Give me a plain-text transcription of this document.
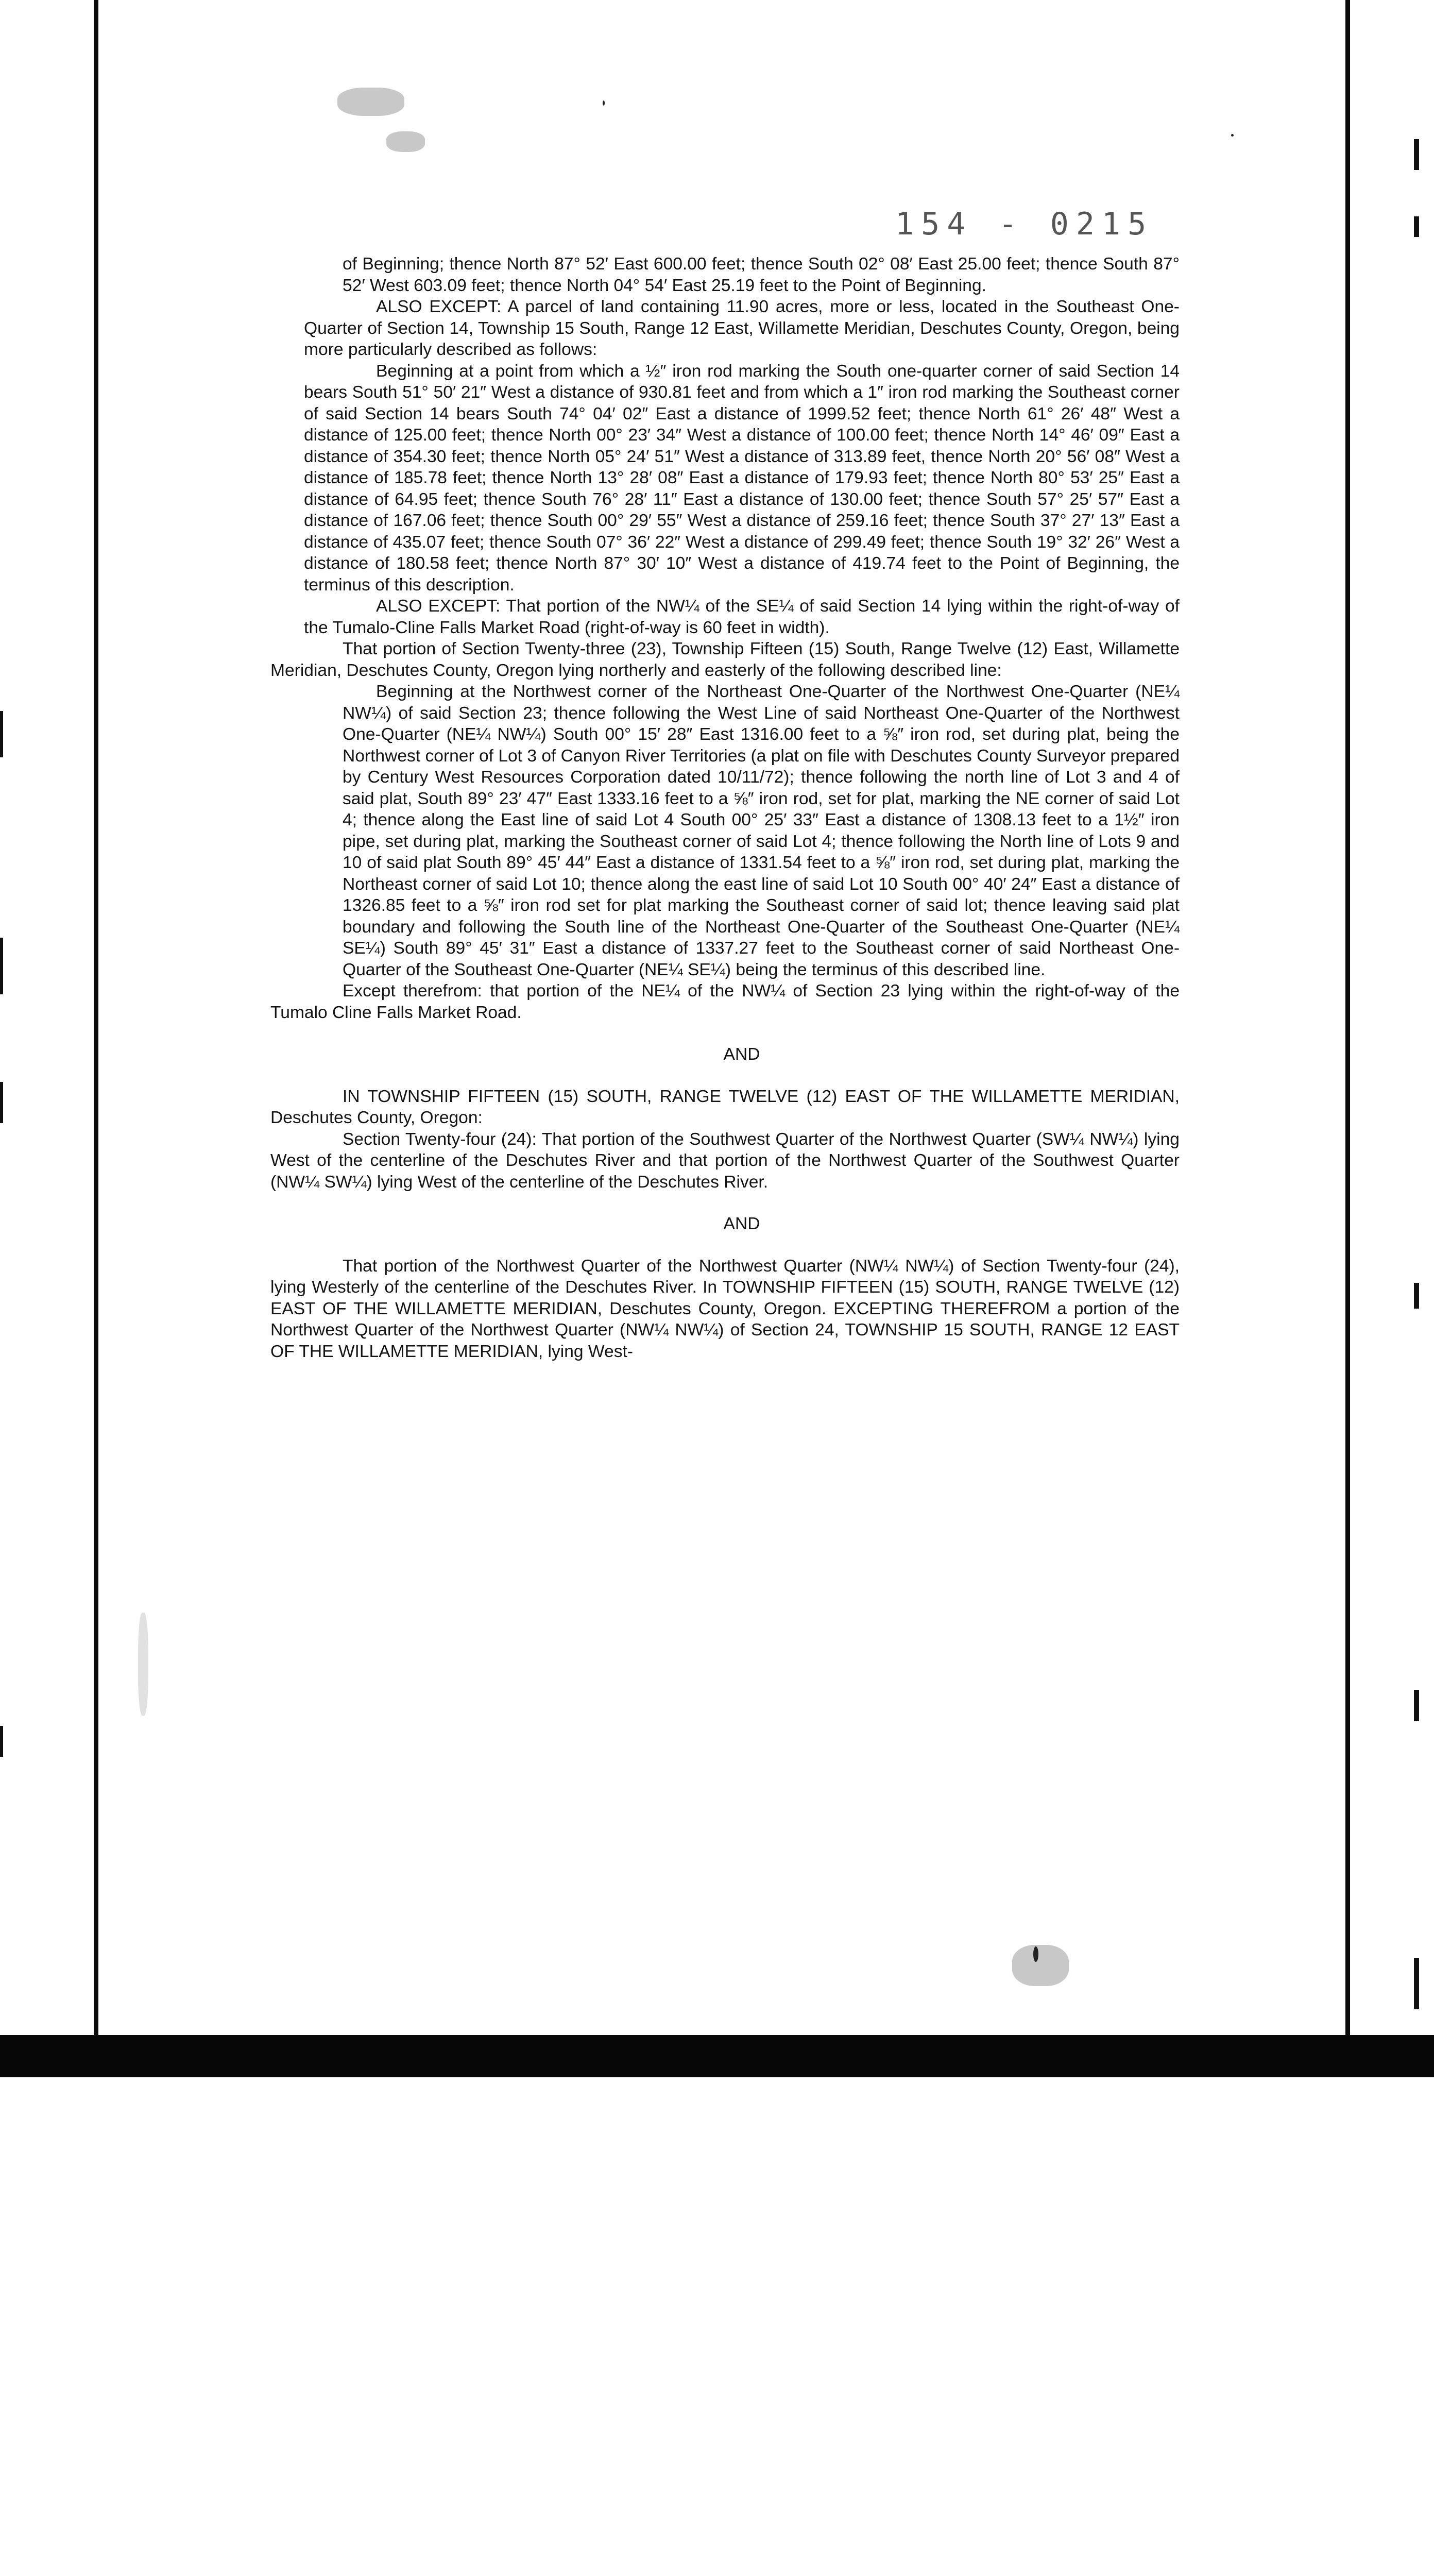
154 - 0215

of Beginning; thence North 87° 52′ East 600.00 feet; thence South 02° 08′ East 25.00 feet; thence South 87° 52′ West 603.09 feet; thence North 04° 54′ East 25.19 feet to the Point of Beginning.

ALSO EXCEPT: A parcel of land containing 11.90 acres, more or less, located in the Southeast One-Quarter of Section 14, Township 15 South, Range 12 East, Willamette Meridian, Deschutes County, Oregon, being more particularly described as follows:

Beginning at a point from which a ½″ iron rod marking the South one-quarter corner of said Section 14 bears South 51° 50′ 21″ West a distance of 930.81 feet and from which a 1″ iron rod marking the Southeast corner of said Section 14 bears South 74° 04′ 02″ East a distance of 1999.52 feet; thence North 61° 26′ 48″ West a distance of 125.00 feet; thence North 00° 23′ 34″ West a distance of 100.00 feet; thence North 14° 46′ 09″ East a distance of 354.30 feet; thence North 05° 24′ 51″ West a distance of 313.89 feet, thence North 20° 56′ 08″ West a distance of 185.78 feet; thence North 13° 28′ 08″ East a distance of 179.93 feet; thence North 80° 53′ 25″ East a distance of 64.95 feet; thence South 76° 28′ 11″ East a distance of 130.00 feet; thence South 57° 25′ 57″ East a distance of 167.06 feet; thence South 00° 29′ 55″ West a distance of 259.16 feet; thence South 37° 27′ 13″ East a distance of 435.07 feet; thence South 07° 36′ 22″ West a distance of 299.49 feet; thence South 19° 32′ 26″ West a distance of 180.58 feet; thence North 87° 30′ 10″ West a distance of 419.74 feet to the Point of Beginning, the terminus of this description.

ALSO EXCEPT: That portion of the NW¼ of the SE¼ of said Section 14 lying within the right-of-way of the Tumalo-Cline Falls Market Road (right-of-way is 60 feet in width).

That portion of Section Twenty-three (23), Township Fifteen (15) South, Range Twelve (12) East, Willamette Meridian, Deschutes County, Oregon lying northerly and easterly of the following described line:

Beginning at the Northwest corner of the Northeast One-Quarter of the Northwest One-Quarter (NE¼ NW¼) of said Section 23; thence following the West Line of said Northeast One-Quarter of the Northwest One-Quarter (NE¼ NW¼) South 00° 15′ 28″ East 1316.00 feet to a ⅝″ iron rod, set during plat, being the Northwest corner of Lot 3 of Canyon River Territories (a plat on file with Deschutes County Surveyor prepared by Century West Resources Corporation dated 10/11/72); thence following the north line of Lot 3 and 4 of said plat, South 89° 23′ 47″ East 1333.16 feet to a ⅝″ iron rod, set for plat, marking the NE corner of said Lot 4; thence along the East line of said Lot 4 South 00° 25′ 33″ East a distance of 1308.13 feet to a 1½″ iron pipe, set during plat, marking the Southeast corner of said Lot 4; thence following the North line of Lots 9 and 10 of said plat South 89° 45′ 44″ East a distance of 1331.54 feet to a ⅝″ iron rod, set during plat, marking the Northeast corner of said Lot 10; thence along the east line of said Lot 10 South 00° 40′ 24″ East a distance of 1326.85 feet to a ⅝″ iron rod set for plat marking the Southeast corner of said lot; thence leaving said plat boundary and following the South line of the Northeast One-Quarter of the Southeast One-Quarter (NE¼ SE¼) South 89° 45′ 31″ East a distance of 1337.27 feet to the Southeast corner of said Northeast One-Quarter of the Southeast One-Quarter (NE¼ SE¼) being the terminus of this described line.

Except therefrom: that portion of the NE¼ of the NW¼ of Section 23 lying within the right-of-way of the Tumalo Cline Falls Market Road.

AND

IN TOWNSHIP FIFTEEN (15) SOUTH, RANGE TWELVE (12) EAST OF THE WILLAMETTE MERIDIAN, Deschutes County, Oregon:

Section Twenty-four (24): That portion of the Southwest Quarter of the Northwest Quarter (SW¼ NW¼) lying West of the centerline of the Deschutes River and that portion of the Northwest Quarter of the Southwest Quarter (NW¼ SW¼) lying West of the centerline of the Deschutes River.

AND

That portion of the Northwest Quarter of the Northwest Quarter (NW¼ NW¼) of Section Twenty-four (24), lying Westerly of the centerline of the Deschutes River. In TOWNSHIP FIFTEEN (15) SOUTH, RANGE TWELVE (12) EAST OF THE WILLAMETTE MERIDIAN, Deschutes County, Oregon. EXCEPTING THEREFROM a portion of the Northwest Quarter of the Northwest Quarter (NW¼ NW¼) of Section 24, TOWNSHIP 15 SOUTH, RANGE 12 EAST OF THE WILLAMETTE MERIDIAN, lying West-
